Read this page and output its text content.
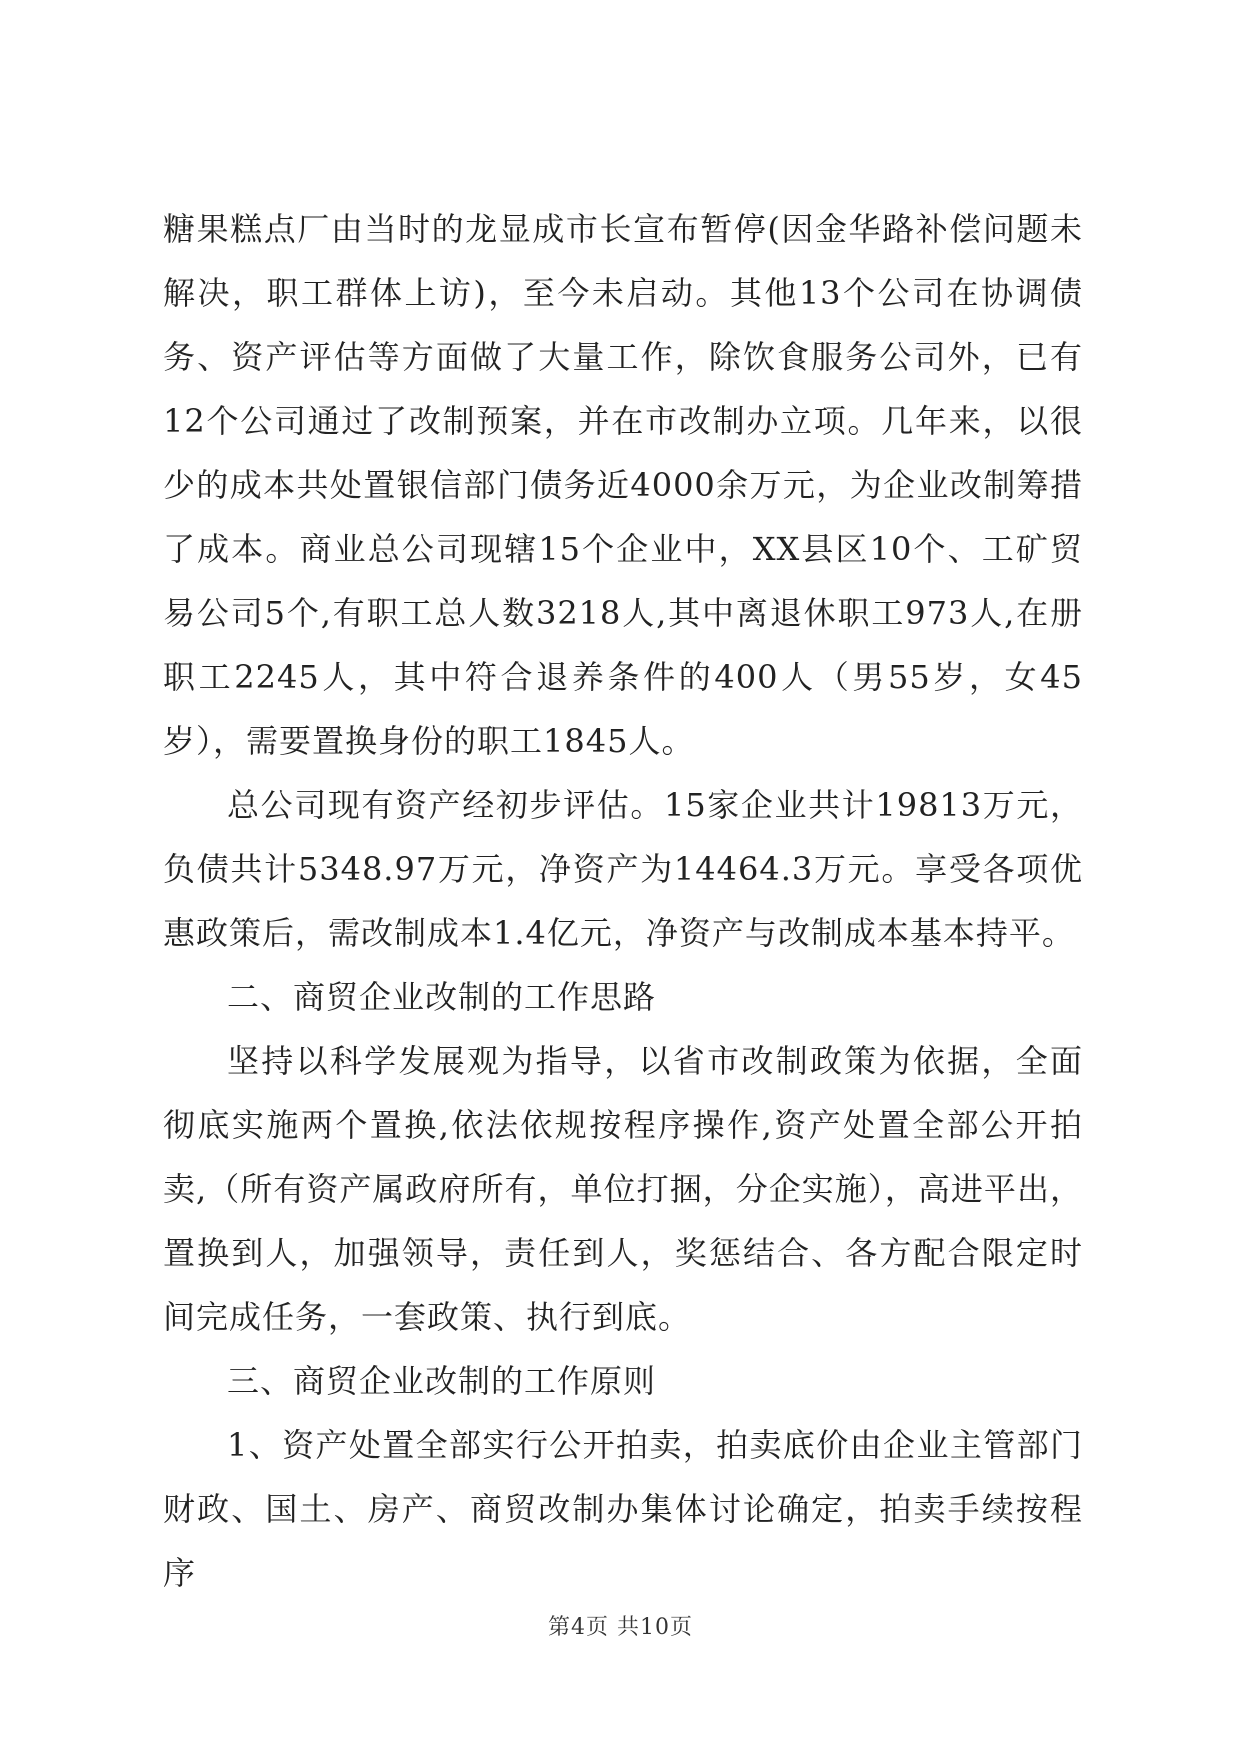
糖果糕点厂由当时的龙显成市长宣布暂停(因金华路补偿问题未解决，职工群体上访)，至今未启动。其他13个公司在协调债务、资产评估等方面做了大量工作，除饮食服务公司外，已有12个公司通过了改制预案，并在市改制办立项。几年来，以很少的成本共处置银信部门债务近4000余万元，为企业改制筹措了成本。商业总公司现辖15个企业中，XX县区10个、工矿贸易公司5个,有职工总人数3218人,其中离退休职工973人,在册职工2245人，其中符合退养条件的400人（男55岁，女45岁），需要置换身份的职工1845人。

总公司现有资产经初步评估。15家企业共计19813万元，负债共计5348.97万元，净资产为14464.3万元。享受各项优惠政策后，需改制成本1.4亿元，净资产与改制成本基本持平。

二、商贸企业改制的工作思路

坚持以科学发展观为指导，以省市改制政策为依据，全面彻底实施两个置换,依法依规按程序操作,资产处置全部公开拍卖,（所有资产属政府所有，单位打捆，分企实施），高进平出，置换到人，加强领导，责任到人，奖惩结合、各方配合限定时间完成任务，一套政策、执行到底。

三、商贸企业改制的工作原则

1、资产处置全部实行公开拍卖，拍卖底价由企业主管部门财政、国土、房产、商贸改制办集体讨论确定，拍卖手续按程序

第4页 共10页
